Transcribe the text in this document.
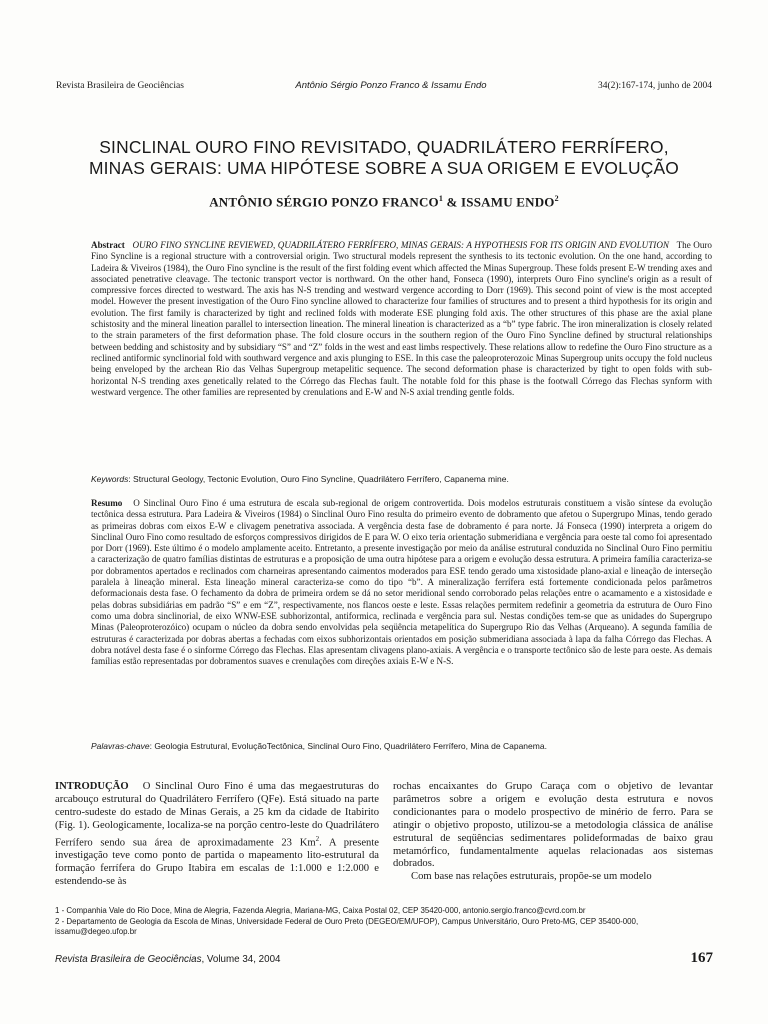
Revista Brasileira de Geociências	Antônio Sérgio Ponzo Franco & Issamu Endo	34(2):167-174, junho de 2004
SINCLINAL OURO FINO REVISITADO, QUADRILÁTERO FERRÍFERO,
MINAS GERAIS: UMA HIPÓTESE SOBRE A SUA ORIGEM E EVOLUÇÃO
ANTÔNIO SÉRGIO PONZO FRANCO$^1$ & ISSAMU ENDO$^2$
Abstract OURO FINO SYNCLINE REVIEWED, QUADRILÁTERO FERRÍFERO, MINAS GERAIS: A HYPOTHESIS FOR ITS ORIGIN AND EVOLUTION The Ouro Fino Syncline is a regional structure with a controversial origin. Two structural models represent the synthesis to its tectonic evolution. On the one hand, according to Ladeira & Viveiros (1984), the Ouro Fino syncline is the result of the first folding event which affected the Minas Supergroup. These folds present E-W trending axes and associated penetrative cleavage. The tectonic transport vector is northward. On the other hand, Fonseca (1990), interprets Ouro Fino syncline's origin as a result of compressive forces directed to westward. The axis has N-S trending and westward vergence according to Dorr (1969). This second point of view is the most accepted model. However the present investigation of the Ouro Fino syncline allowed to characterize four families of structures and to present a third hypothesis for its origin and evolution. The first family is characterized by tight and reclined folds with moderate ESE plunging fold axis. The other structures of this phase are the axial plane schistosity and the mineral lineation parallel to intersection lineation. The mineral lineation is characterized as a “b” type fabric. The iron mineralization is closely related to the strain parameters of the first deformation phase. The fold closure occurs in the southern region of the Ouro Fino Syncline defined by structural relationships between bedding and schistosity and by subsidiary “S” and “Z” folds in the west and east limbs respectively. These relations allow to redefine the Ouro Fino structure as a reclined antiformic synclinorial fold with southward vergence and axis plunging to ESE. In this case the paleoproterozoic Minas Supergroup units occupy the fold nucleus being enveloped by the archean Rio das Velhas Supergroup metapelitic sequence. The second deformation phase is characterized by tight to open folds with sub-horizontal N-S trending axes genetically related to the Córrego das Flechas fault. The notable fold for this phase is the footwall Córrego das Flechas synform with westward vergence. The other families are represented by crenulations and E-W and N-S axial trending gentle folds.
Keywords: Structural Geology, Tectonic Evolution, Ouro Fino Syncline, Quadrilátero Ferrífero, Capanema mine.
Resumo O Sinclinal Ouro Fino é uma estrutura de escala sub-regional de origem controvertida. Dois modelos estruturais constituem a visão síntese da evolução tectônica dessa estrutura. Para Ladeira & Viveiros (1984) o Sinclinal Ouro Fino resulta do primeiro evento de dobramento que afetou o Supergrupo Minas, tendo gerado as primeiras dobras com eixos E-W e clivagem penetrativa associada. A vergência desta fase de dobramento é para norte. Já Fonseca (1990) interpreta a origem do Sinclinal Ouro Fino como resultado de esforços compressivos dirigidos de E para W. O eixo teria orientação submeridiana e vergência para oeste tal como foi apresentado por Dorr (1969). Este último é o modelo amplamente aceito. Entretanto, a presente investigação por meio da análise estrutural conduzida no Sinclinal Ouro Fino permitiu a caracterização de quatro famílias distintas de estruturas e a proposição de uma outra hipótese para a origem e evolução dessa estrutura. A primeira família caracteriza-se por dobramentos apertados e reclinados com charneiras apresentando caimentos moderados para ESE tendo gerado uma xistosidade plano-axial e lineação de interseção paralela à lineação mineral. Esta lineação mineral caracteriza-se como do tipo “b”. A mineralização ferrífera está fortemente condicionada pelos parâmetros deformacionais desta fase. O fechamento da dobra de primeira ordem se dá no setor meridional sendo corroborado pelas relações entre o acamamento e a xistosidade e pelas dobras subsidiárias em padrão “S” e em “Z”, respectivamente, nos flancos oeste e leste. Essas relações permitem redefinir a geometria da estrutura de Ouro Fino como uma dobra sinclinorial, de eixo WNW-ESE subhorizontal, antiformica, reclinada e vergência para sul. Nestas condições tem-se que as unidades do Supergrupo Minas (Paleoproterozóico) ocupam o núcleo da dobra sendo envolvidas pela seqüência metapelítica do Supergrupo Rio das Velhas (Arqueano). A segunda família de estruturas é caracterizada por dobras abertas a fechadas com eixos subhorizontais orientados em posição submeridiana associada à lapa da falha Córrego das Flechas. A dobra notável desta fase é o sinforme Córrego das Flechas. Elas apresentam clivagens plano-axiais. A vergência e o transporte tectônico são de leste para oeste. As demais famílias estão representadas por dobramentos suaves e crenulações com direções axiais E-W e N-S.
Palavras-chave: Geologia Estrutural, EvoluçãoTectônica, Sinclinal Ouro Fino, Quadrilátero Ferrífero, Mina de Capanema.

INTRODUÇÃO O Sinclinal Ouro Fino é uma das megaestruturas do arcabouço estrutural do Quadrilátero Ferrífero (QFe). Está situado na parte centro-sudeste do estado de Minas Gerais, a 25 km da cidade de Itabirito (Fig. 1). Geologicamente, localiza-se na porção centro-leste do Quadrilátero Ferrífero sendo sua área de aproximadamente 23 Km$^2$. A presente investigação teve como ponto de partida o mapeamento lito-estrutural da formação ferrífera do Grupo Itabira em escalas de 1:1.000 e 1:2.000 e estendendo-se às

rochas encaixantes do Grupo Caraça com o objetivo de levantar parâmetros sobre a origem e evolução desta estrutura e novos condicionantes para o modelo prospectivo de minério de ferro. Para se atingir o objetivo proposto, utilizou-se a metodologia clássica de análise estrutural de seqüências sedimentares polideformadas de baixo grau metamórfico, fundamentalmente aquelas relacionadas aos sistemas dobrados.

Com base nas relações estruturais, propõe-se um modelo

1 - Companhia Vale do Rio Doce, Mina de Alegria, Fazenda Alegria, Mariana-MG, Caixa Postal 02, CEP 35420-000, antonio.sergio.franco@cvrd.com.br

2 - Departamento de Geologia da Escola de Minas, Universidade Federal de Ouro Preto (DEGEO/EM/UFOP), Campus Universitário, Ouro Preto-MG, CEP 35400-000, issamu@degeo.ufop.br

Revista Brasileira de Geociências, Volume 34, 2004	167
